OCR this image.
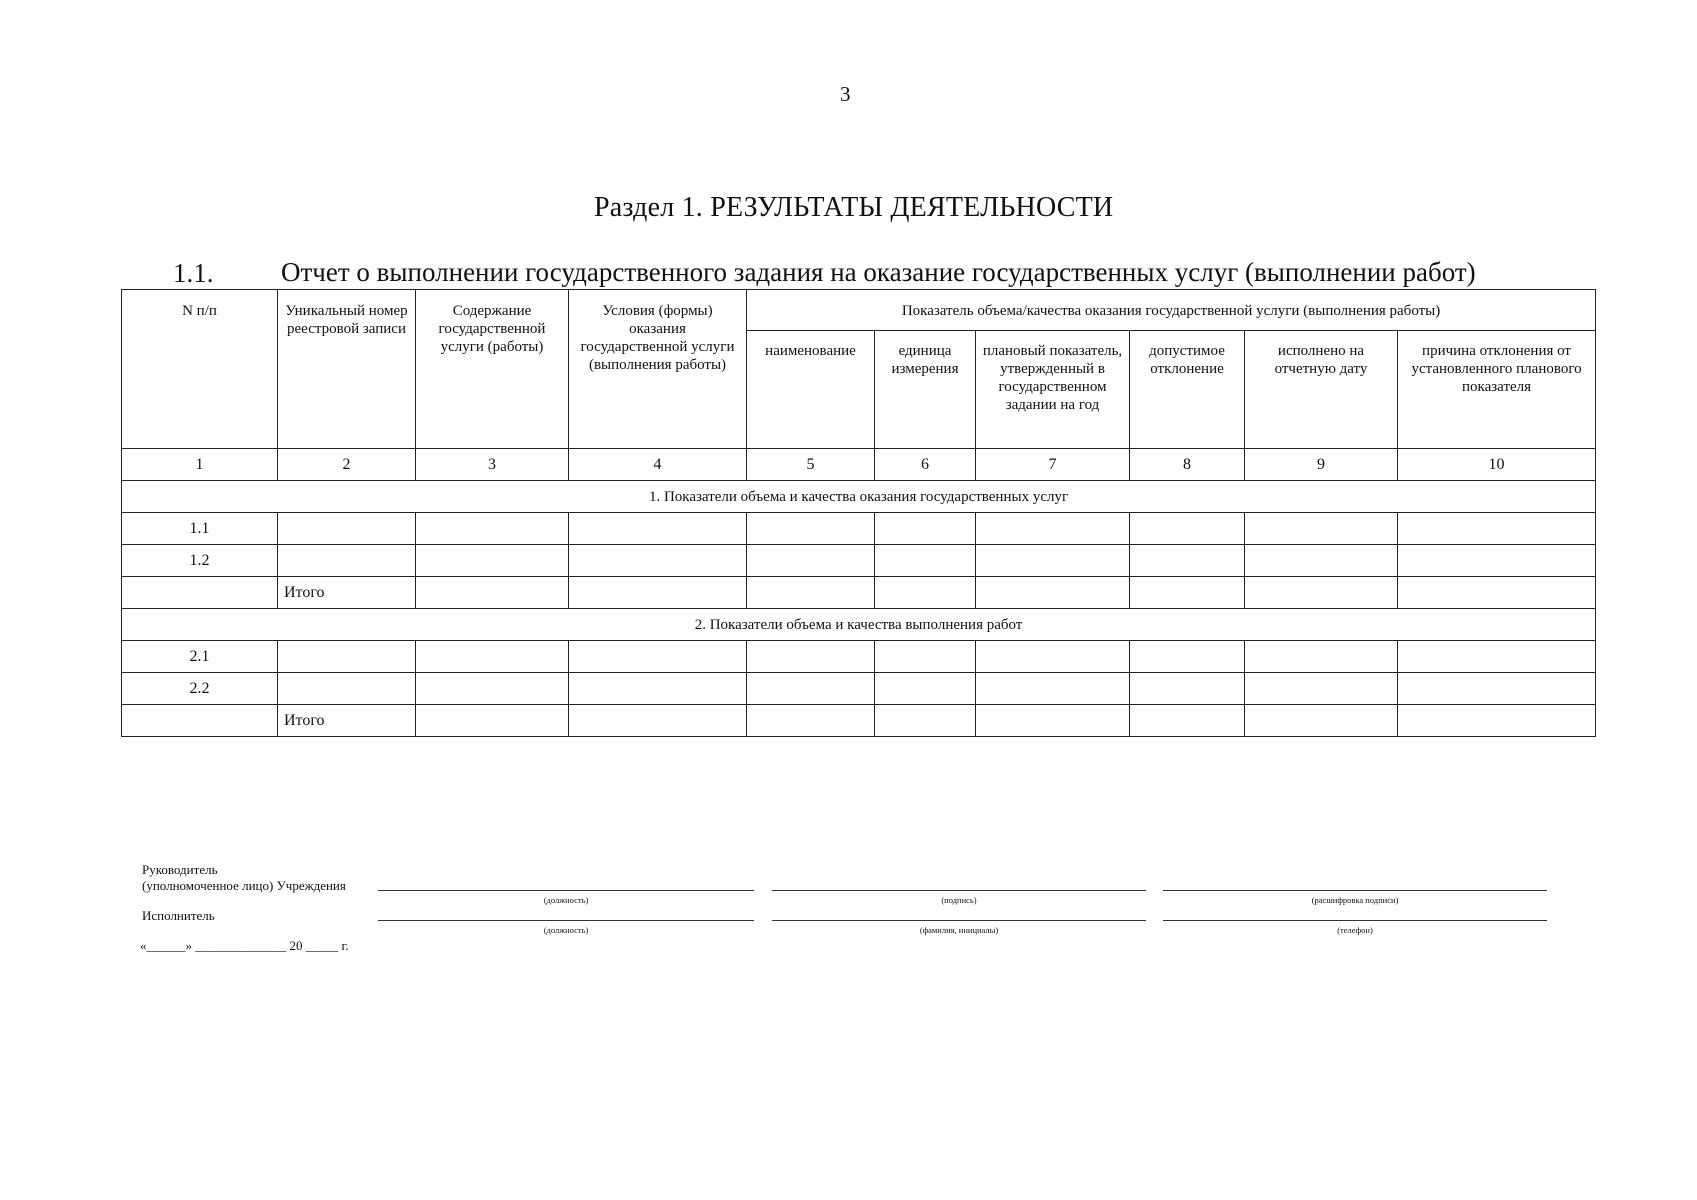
3
Раздел 1. РЕЗУЛЬТАТЫ ДЕЯТЕЛЬНОСТИ
1.1.	Отчет о выполнении государственного задания на оказание государственных услуг (выполнении работ)
N п/п	Уникальный номер реестровой записи	Содержание государственной услуги (работы)	Условия (формы) оказания государственной услуги (выполнения работы)	Показатель объема/качества оказания государственной услуги (выполнения работы)					
				наименование	единица измерения	плановый показатель, утвержденный в государственном задании на год	допустимое отклонение	исполнено на отчетную дату	причина отклонения от установленного планового показателя
1	2	3	4	5	6	7	8	9	10
1. Показатели объема и качества оказания государственных услуг									
1.1									
1.2									
	Итого								
2. Показатели объема и качества выполнения работ									
2.1									
2.2									
	Итого								
Руководитель
(уполномоченное лицо) Учреждения
Исполнитель
(должность)	(подпись)	(расшифровка подписи)
(должность)	(фамилия, инициалы)	(телефон)
«______» ______________ 20 _____ г.
